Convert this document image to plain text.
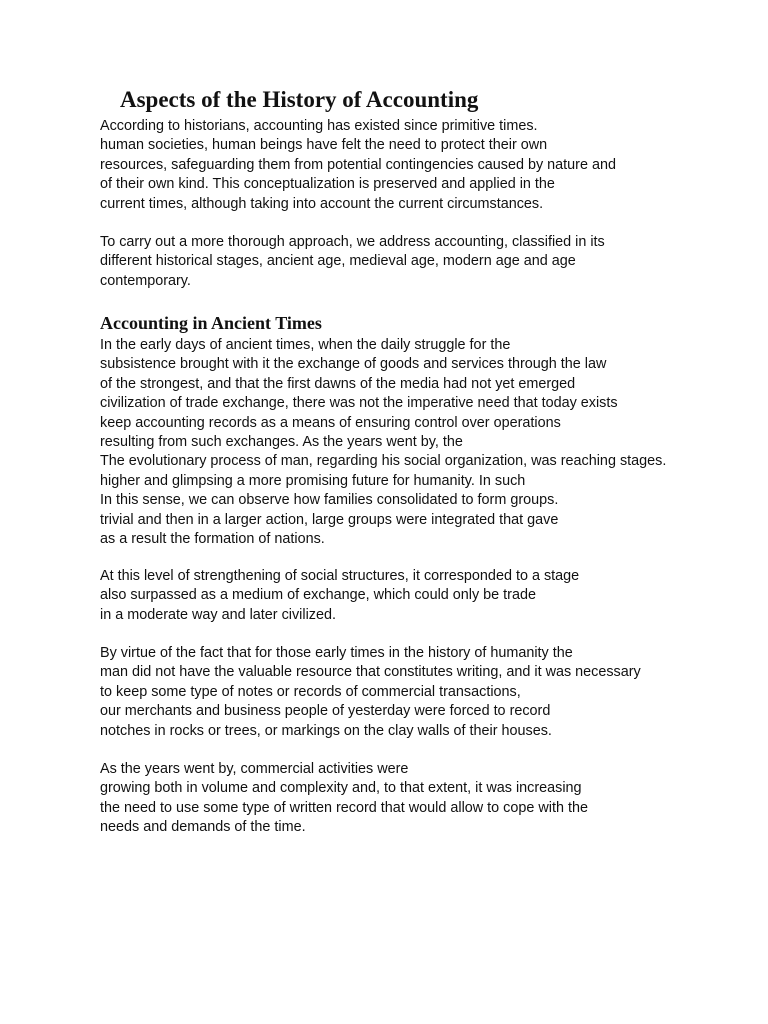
Aspects of the History of Accounting
According to historians, accounting has existed since primitive times.
human societies, human beings have felt the need to protect their own
resources, safeguarding them from potential contingencies caused by nature and
of their own kind. This conceptualization is preserved and applied in the
current times, although taking into account the current circumstances.
To carry out a more thorough approach, we address accounting, classified in its
different historical stages, ancient age, medieval age, modern age and age
contemporary.
Accounting in Ancient Times
In the early days of ancient times, when the daily struggle for the
subsistence brought with it the exchange of goods and services through the law
of the strongest, and that the first dawns of the media had not yet emerged
civilization of trade exchange, there was not the imperative need that today exists
keep accounting records as a means of ensuring control over operations
resulting from such exchanges. As the years went by, the
The evolutionary process of man, regarding his social organization, was reaching stages.
higher and glimpsing a more promising future for humanity. In such
In this sense, we can observe how families consolidated to form groups.
trivial and then in a larger action, large groups were integrated that gave
as a result the formation of nations.
At this level of strengthening of social structures, it corresponded to a stage
also surpassed as a medium of exchange, which could only be trade
in a moderate way and later civilized.
By virtue of the fact that for those early times in the history of humanity the
man did not have the valuable resource that constitutes writing, and it was necessary
to keep some type of notes or records of commercial transactions,
our merchants and business people of yesterday were forced to record
notches in rocks or trees, or markings on the clay walls of their houses.
As the years went by, commercial activities were
growing both in volume and complexity and, to that extent, it was increasing
the need to use some type of written record that would allow to cope with the
needs and demands of the time.
